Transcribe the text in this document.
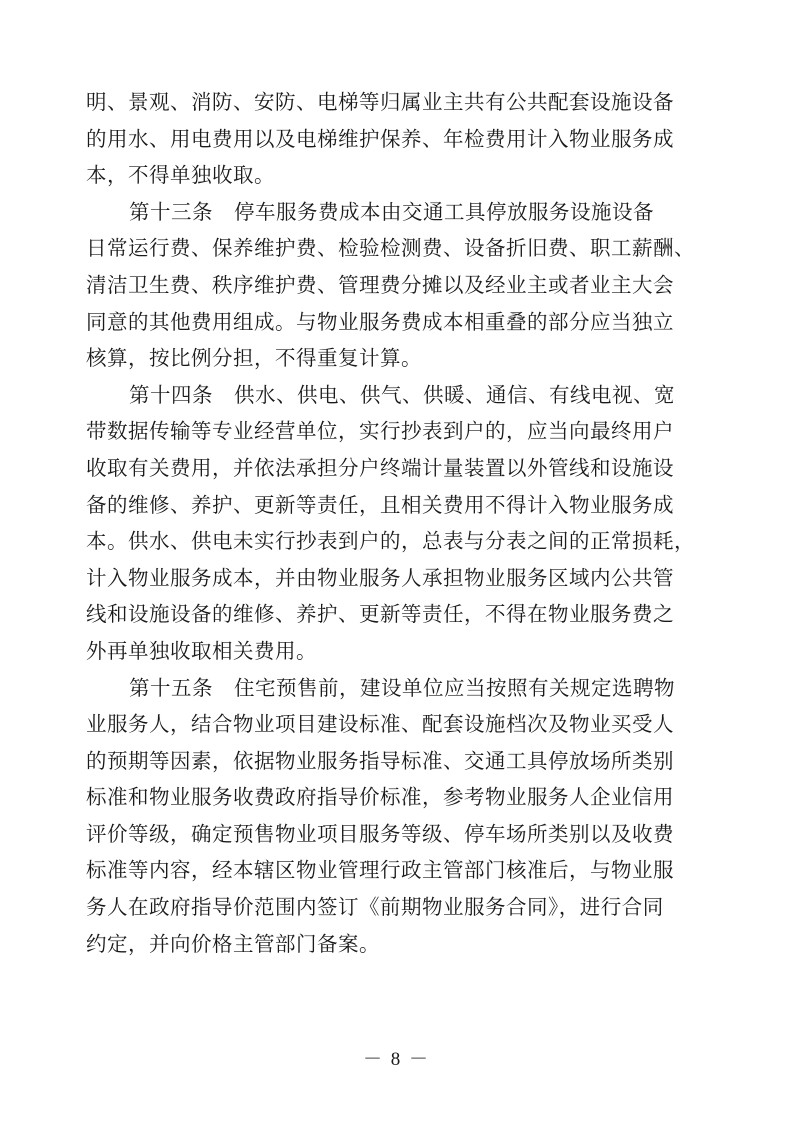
明、景观、消防、安防、电梯等归属业主共有公共配套设施设备
的用水、用电费用以及电梯维护保养、年检费用计入物业服务成
本，不得单独收取。
第十三条　停车服务费成本由交通工具停放服务设施设备
日常运行费、保养维护费、检验检测费、设备折旧费、职工薪酬、
清洁卫生费、秩序维护费、管理费分摊以及经业主或者业主大会
同意的其他费用组成。与物业服务费成本相重叠的部分应当独立
核算，按比例分担，不得重复计算。
第十四条　供水、供电、供气、供暖、通信、有线电视、宽
带数据传输等专业经营单位，实行抄表到户的，应当向最终用户
收取有关费用，并依法承担分户终端计量装置以外管线和设施设
备的维修、养护、更新等责任，且相关费用不得计入物业服务成
本。供水、供电未实行抄表到户的，总表与分表之间的正常损耗，
计入物业服务成本，并由物业服务人承担物业服务区域内公共管
线和设施设备的维修、养护、更新等责任，不得在物业服务费之
外再单独收取相关费用。
第十五条　住宅预售前，建设单位应当按照有关规定选聘物
业服务人，结合物业项目建设标准、配套设施档次及物业买受人
的预期等因素，依据物业服务指导标准、交通工具停放场所类别
标准和物业服务收费政府指导价标准，参考物业服务人企业信用
评价等级，确定预售物业项目服务等级、停车场所类别以及收费
标准等内容，经本辖区物业管理行政主管部门核准后，与物业服
务人在政府指导价范围内签订《前期物业服务合同》，进行合同
约定，并向价格主管部门备案。

－ 8 －
